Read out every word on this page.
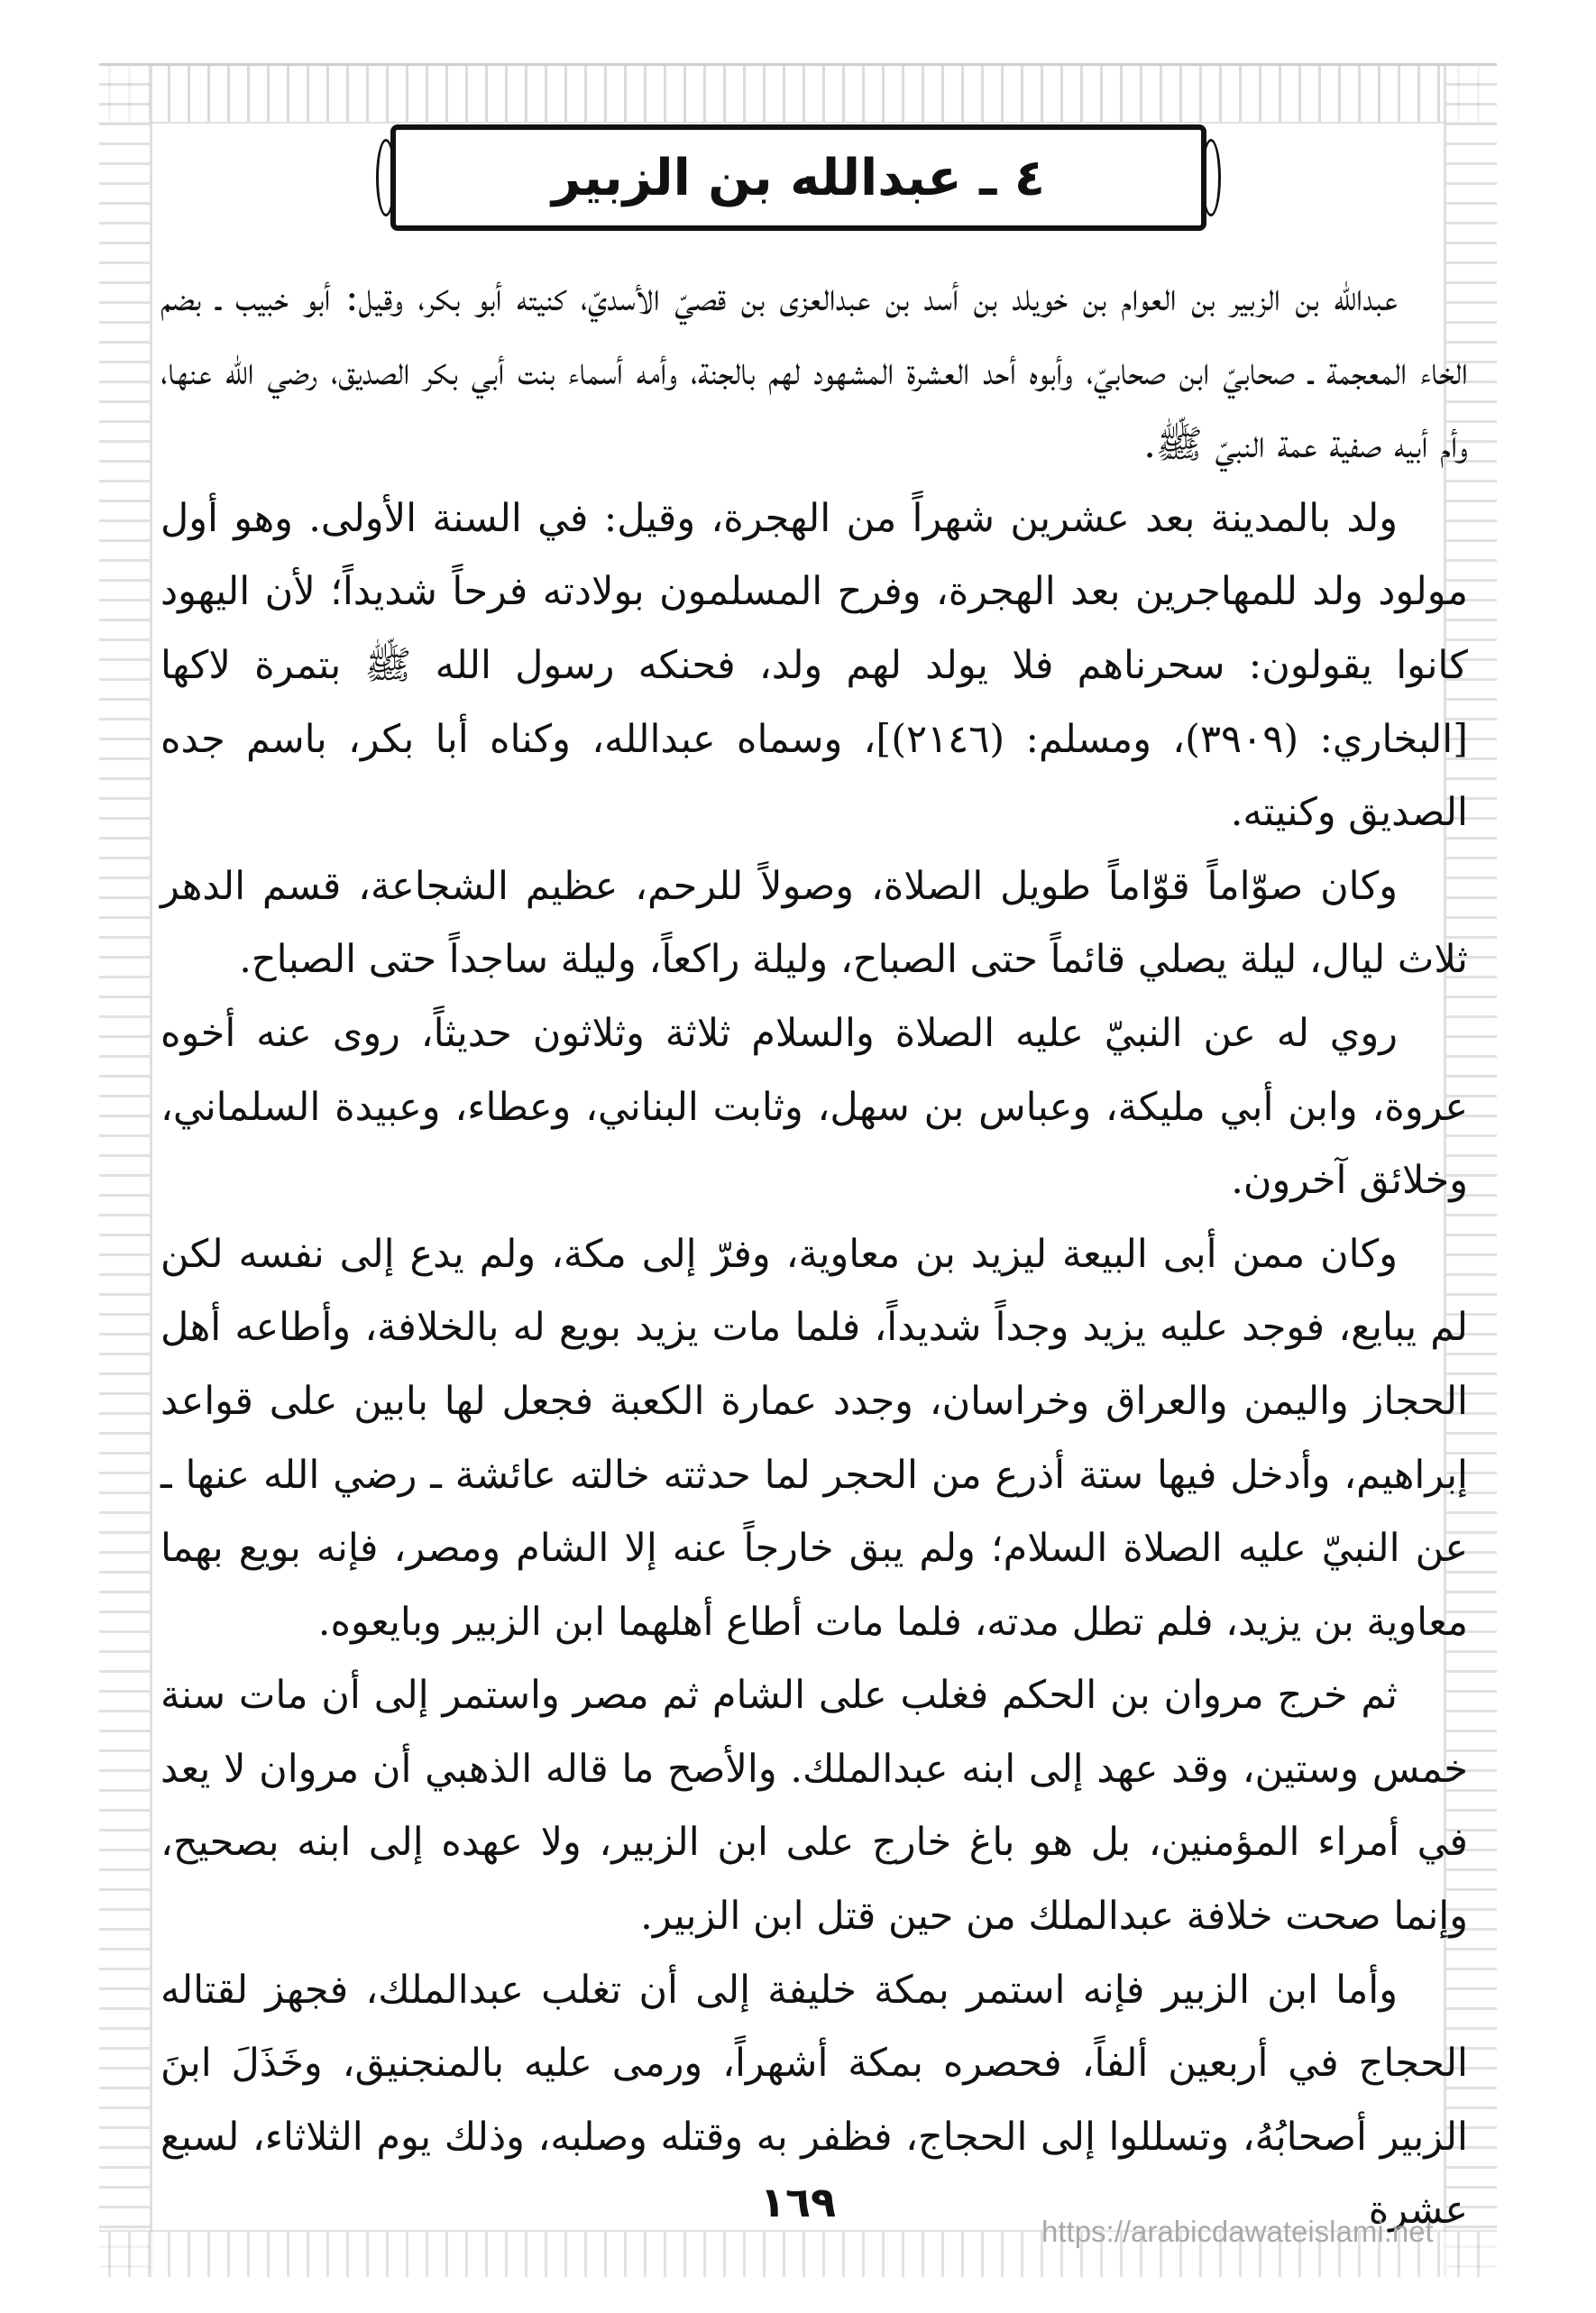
٤ ـ عبدالله بن الزبير

عبدالله بن الزبير بن العوام بن خويلد بن أسد بن عبدالعزى بن قصيّ الأسديّ، كنيته أبو بكر، وقيل: أبو خبيب ـ بضم الخاء المعجمة ـ صحابيّ ابن صحابيّ، وأبوه أحد العشرة المشهود لهم بالجنة، وأمه أسماء بنت أبي بكر الصديق، رضي الله عنها، وأم أبيه صفية عمة النبيّ ﷺ.

ولد بالمدينة بعد عشرين شهراً من الهجرة، وقيل: في السنة الأولى. وهو أول مولود ولد للمهاجرين بعد الهجرة، وفرح المسلمون بولادته فرحاً شديداً؛ لأن اليهود كانوا يقولون: سحرناهم فلا يولد لهم ولد، فحنكه رسول الله ﷺ بتمرة لاكها [البخاري: (٣٩٠٩)، ومسلم: (٢١٤٦)]، وسماه عبدالله، وكناه أبا بكر، باسم جده الصديق وكنيته.

وكان صوّاماً قوّاماً طويل الصلاة، وصولاً للرحم، عظيم الشجاعة، قسم الدهر ثلاث ليال، ليلة يصلي قائماً حتى الصباح، وليلة راكعاً، وليلة ساجداً حتى الصباح.

روي له عن النبيّ عليه الصلاة والسلام ثلاثة وثلاثون حديثاً، روى عنه أخوه عروة، وابن أبي مليكة، وعباس بن سهل، وثابت البناني، وعطاء، وعبيدة السلماني، وخلائق آخرون.

وكان ممن أبى البيعة ليزيد بن معاوية، وفرّ إلى مكة، ولم يدع إلى نفسه لكن لم يبايع، فوجد عليه يزيد وجداً شديداً، فلما مات يزيد بويع له بالخلافة، وأطاعه أهل الحجاز واليمن والعراق وخراسان، وجدد عمارة الكعبة فجعل لها بابين على قواعد إبراهيم، وأدخل فيها ستة أذرع من الحجر لما حدثته خالته عائشة ـ رضي الله عنها ـ عن النبيّ عليه الصلاة السلام؛ ولم يبق خارجاً عنه إلا الشام ومصر، فإنه بويع بهما معاوية بن يزيد، فلم تطل مدته، فلما مات أطاع أهلهما ابن الزبير وبايعوه.

ثم خرج مروان بن الحكم فغلب على الشام ثم مصر واستمر إلى أن مات سنة خمس وستين، وقد عهد إلى ابنه عبدالملك. والأصح ما قاله الذهبي أن مروان لا يعد في أمراء المؤمنين، بل هو باغ خارج على ابن الزبير، ولا عهده إلى ابنه بصحيح، وإنما صحت خلافة عبدالملك من حين قتل ابن الزبير.

وأما ابن الزبير فإنه استمر بمكة خليفة إلى أن تغلب عبدالملك، فجهز لقتاله الحجاج في أربعين ألفاً، فحصره بمكة أشهراً، ورمى عليه بالمنجنيق، وخَذَلَ ابنَ الزبير أصحابُهُ، وتسللوا إلى الحجاج، فظفر به وقتله وصلبه، وذلك يوم الثلاثاء، لسبع عشرة

١٦٩
https://arabicdawateislami.net
